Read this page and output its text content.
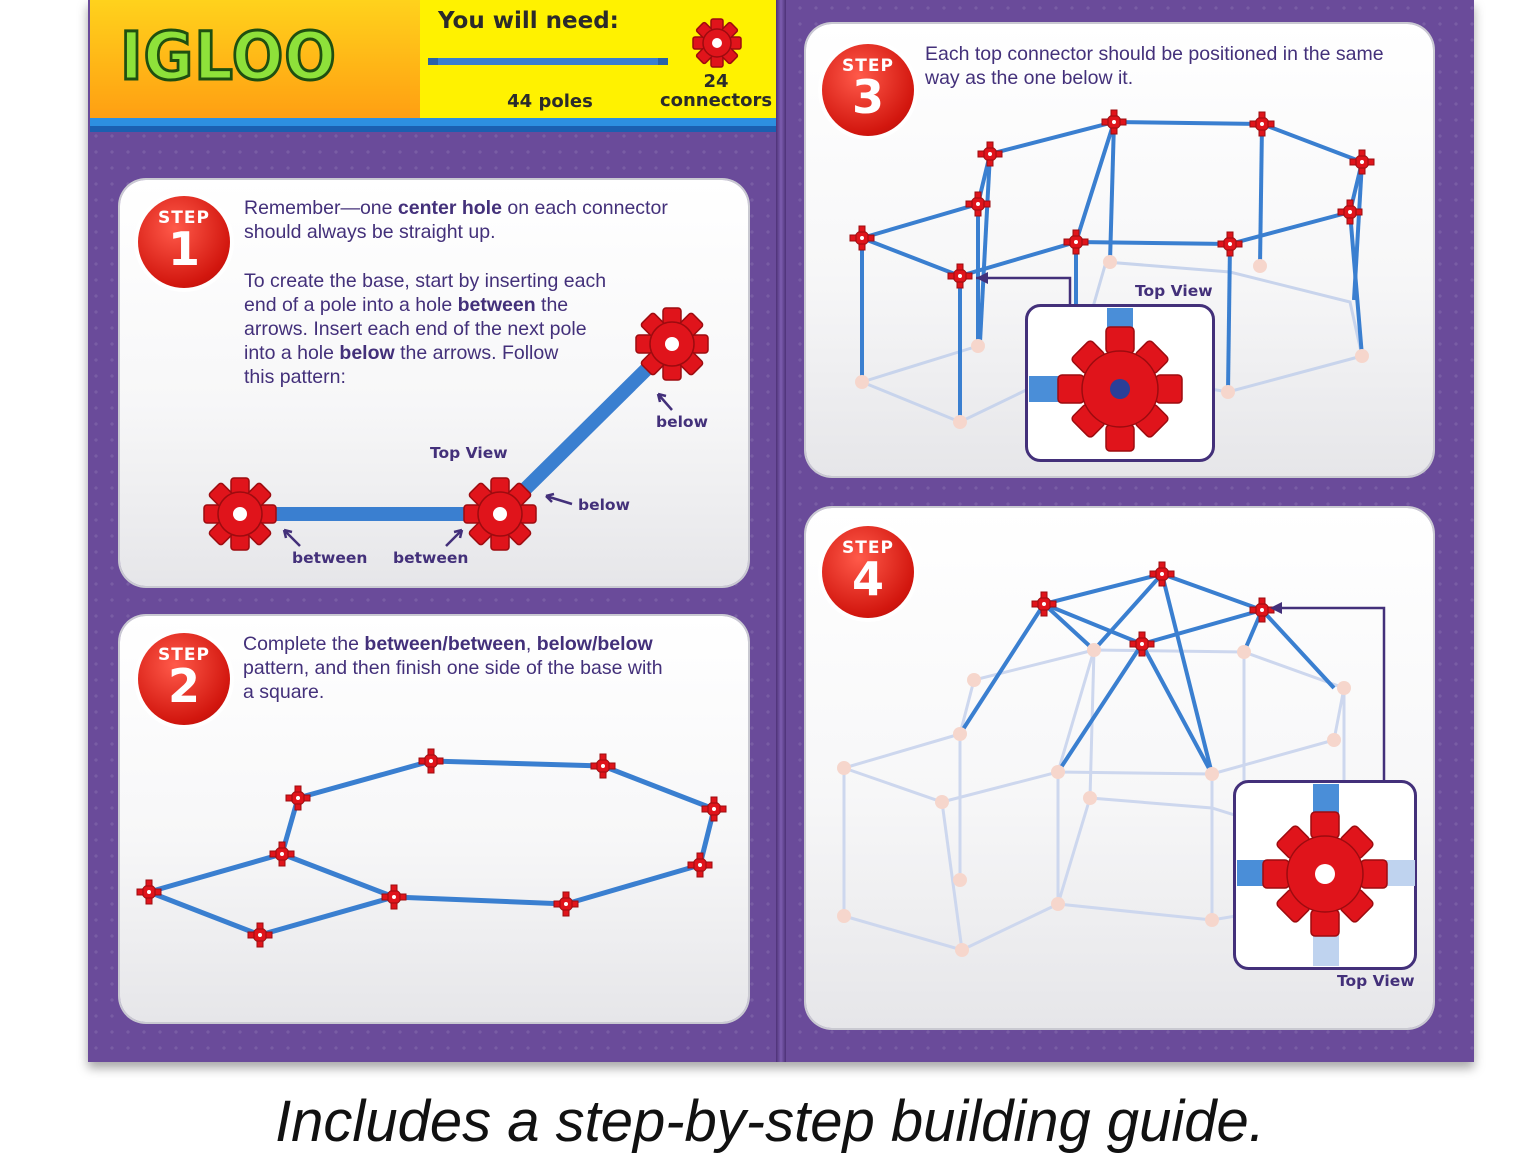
IGLOO	You will need:
44 poles
24
connectors
STEP
1
Remember—one center hole on each connector
should always be straight up.

To create the base, start by inserting each
end of a pole into a hole between the
arrows. Insert each end of the next pole
into a hole below the arrows. Follow
this pattern:
Top View
below
below
between between
STEP
2
Complete the between/between, below/below
pattern, and then finish one side of the base with
a square.
STEP
3
Each top connector should be positioned in the same
way as the one below it.
Top View
STEP
4
Top View
Includes a step-by-step building guide.
